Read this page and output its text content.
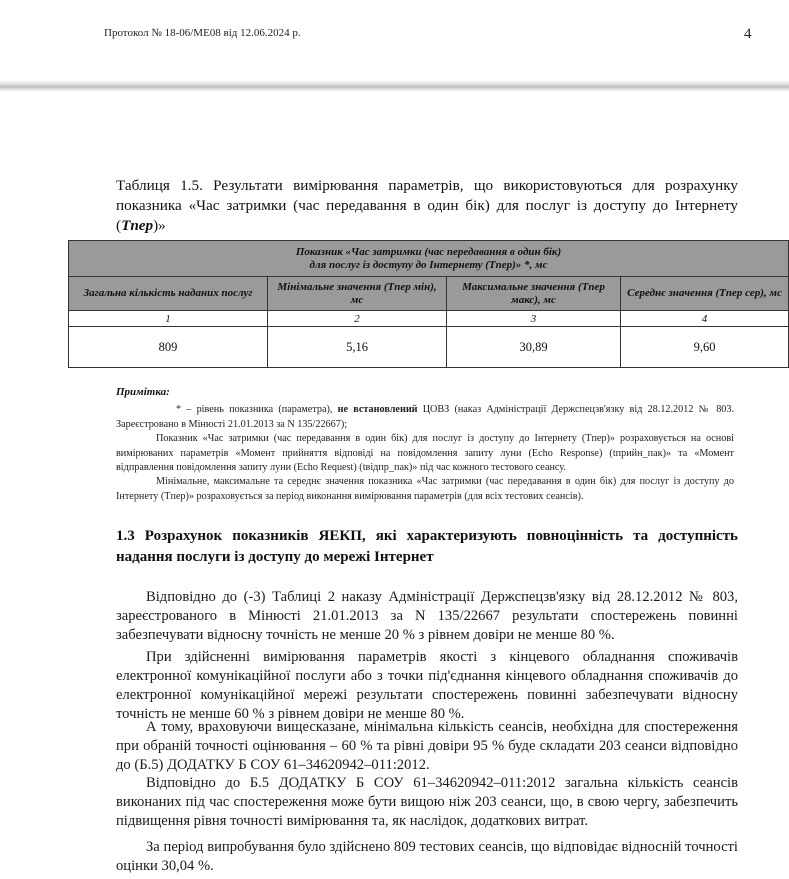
Протокол № 18-06/МЕ08 від 12.06.2024 р.	4
Таблиця 1.5. Результати вимірювання параметрів, що використовуються для розрахунку показника «Час затримки (час передавання в один бік) для послуг із доступу до Інтернету (Tпер)»
Показник «Час затримки (час передавання в один бік)
для послуг із доступу до Інтернету (Tпер)» *, мс			

Загальна кількість наданих послуг	Мінімальне значення (Tпер мін), мс	Максимальне значення (Tпер макс), мс	Середнє значення (Tпер сер), мс
1	2	3	4
809	5,16	30,89	9,60
Примітка:
* – рівень показника (параметра), не встановлений ЦОВЗ (наказ Адміністрації Держспецзв'язку від 28.12.2012 № 803. Зареєстровано в Мінюсті 21.01.2013 за N 135/22667);
Показник «Час затримки (час передавання в один бік) для послуг із доступу до Інтернету (Tпер)» розраховується на основі вимірюваних параметрів «Момент прийняття відповіді на повідомлення запиту луни (Echo Response) (tприйн_пак)» та «Момент відправлення повідомлення запиту луни (Echo Request) (tвідпр_пак)» під час кожного тестового сеансу.
Мінімальне, максимальне та середнє значення показника «Час затримки (час передавання в один бік) для послуг із доступу до Інтернету (Tпер)» розраховується за період виконання вимірювання параметрів (для всіх тестових сеансів).
1.3 Розрахунок показників ЯЕКП, які характеризують повноцінність та доступність надання послуги із доступу до мережі Інтернет
Відповідно до (-3) Таблиці 2 наказу Адміністрації Держспецзв'язку від 28.12.2012 № 803, зареєстрованого в Мінюсті 21.01.2013 за N 135/22667 результати спостережень повинні забезпечувати відносну точність не менше 20 % з рівнем довіри не менше 80 %.
При здійсненні вимірювання параметрів якості з кінцевого обладнання споживачів електронної комунікаційної послуги або з точки під'єднання кінцевого обладнання споживачів до електронної комунікаційної мережі результати спостережень повинні забезпечувати відносну точність не менше 60 % з рівнем довіри не менше 80 %.
А тому, враховуючи вищесказане, мінімальна кількість сеансів, необхідна для спостереження при обраній точності оцінювання – 60 % та рівні довіри 95 % буде складати 203 сеанси відповідно до (Б.5) ДОДАТКУ Б СОУ 61–34620942–011:2012.
Відповідно до Б.5 ДОДАТКУ Б СОУ 61–34620942–011:2012 загальна кількість сеансів виконаних під час спостереження може бути вищою ніж 203 сеанси, що, в свою чергу, забезпечить підвищення рівня точності вимірювання та, як наслідок, додаткових витрат.
За період випробування було здійснено 809 тестових сеансів, що відповідає відносній точності оцінки 30,04 %.
